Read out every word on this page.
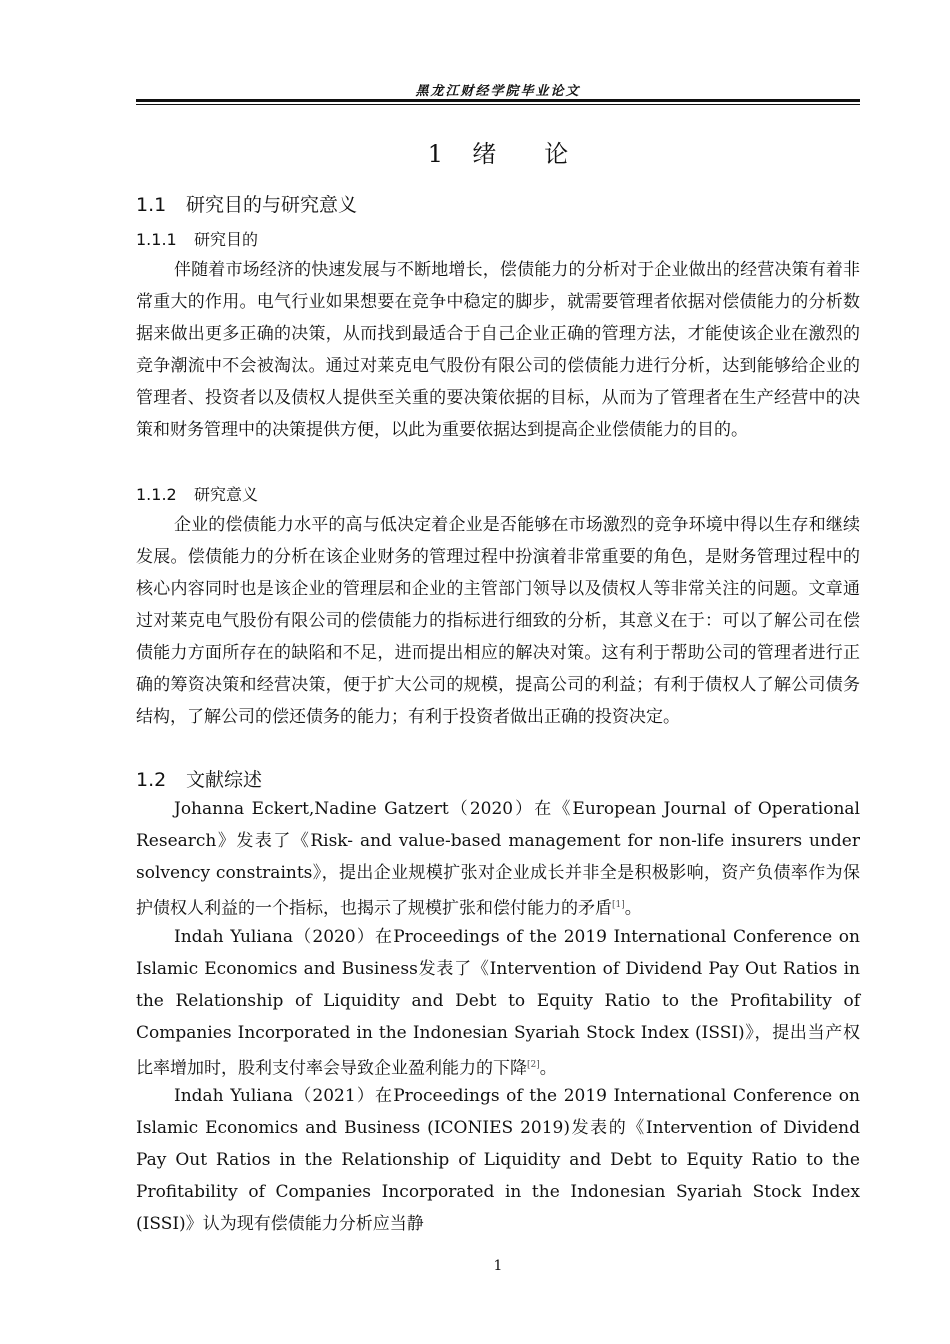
黑龙江财经学院毕业论文
1 绪　　论
1.1 研究目的与研究意义
1.1.1 研究目的

伴随着市场经济的快速发展与不断地增长，偿债能力的分析对于企业做出的经营决策有着非常重大的作用。电气行业如果想要在竞争中稳定的脚步，就需要管理者依据对偿债能力的分析数据来做出更多正确的决策，从而找到最适合于自己企业正确的管理方法，才能使该企业在激烈的竞争潮流中不会被淘汰。通过对莱克电气股份有限公司的偿债能力进行分析，达到能够给企业的管理者、投资者以及债权人提供至关重的要决策依据的目标，从而为了管理者在生产经营中的决策和财务管理中的决策提供方便，以此为重要依据达到提高企业偿债能力的目的。

1.1.2 研究意义

企业的偿债能力水平的高与低决定着企业是否能够在市场激烈的竞争环境中得以生存和继续发展。偿债能力的分析在该企业财务的管理过程中扮演着非常重要的角色，是财务管理过程中的核心内容同时也是该企业的管理层和企业的主管部门领导以及债权人等非常关注的问题。文章通过对莱克电气股份有限公司的偿债能力的指标进行细致的分析，其意义在于：可以了解公司在偿债能力方面所存在的缺陷和不足，进而提出相应的解决对策。这有利于帮助公司的管理者进行正确的筹资决策和经营决策，便于扩大公司的规模，提高公司的利益；有利于债权人了解公司债务结构，了解公司的偿还债务的能力；有利于投资者做出正确的投资决定。

1.2 文献综述

Johanna Eckert,Nadine Gatzert（2020）在《European Journal of Operational Research》发表了《Risk- and value-based management for non-life insurers under solvency constraints》，提出企业规模扩张对企业成长并非全是积极影响，资产负债率作为保护债权人利益的一个指标，也揭示了规模扩张和偿付能力的矛盾[1]。

Indah Yuliana（2020）在Proceedings of the 2019 International Conference on Islamic Economics and Business发表了《Intervention of Dividend Pay Out Ratios in the Relationship of Liquidity and Debt to Equity Ratio to the Profitability of Companies Incorporated in the Indonesian Syariah Stock Index (ISSI)》，提出当产权比率增加时，股利支付率会导致企业盈利能力的下降[2]。

Indah Yuliana（2021）在Proceedings of the 2019 International Conference on Islamic Economics and Business (ICONIES 2019)发表的《Intervention of Dividend Pay Out Ratios in the Relationship of Liquidity and Debt to Equity Ratio to the Profitability of Companies Incorporated in the Indonesian Syariah Stock Index (ISSI)》认为现有偿债能力分析应当静

1
